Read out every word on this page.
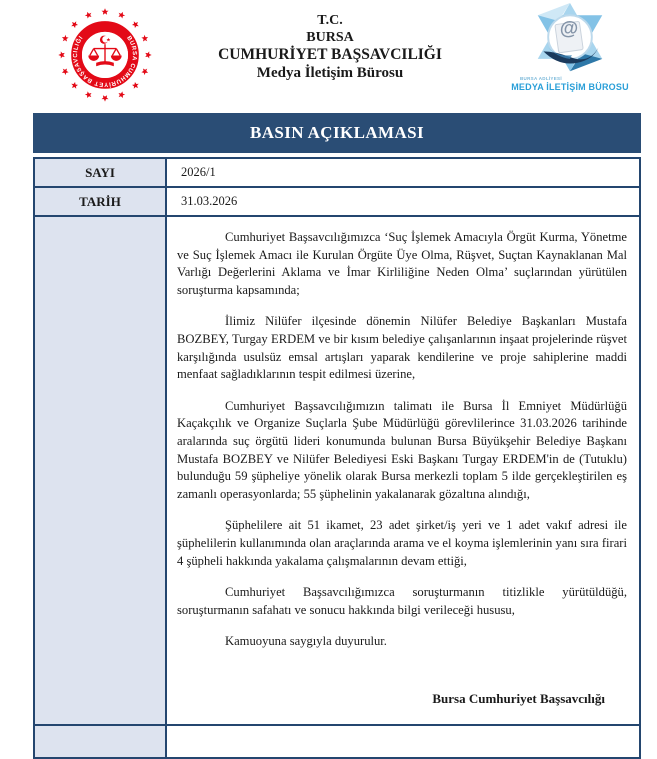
BURSA CUMHURİYET BAŞSAVCILIĞI
T.C.
BURSA
CUMHURİYET BAŞSAVCILIĞI
Medya İletişim Bürosu
@
BURSA ADLİYESİ
MEDYA İLETİŞİM BÜROSU
BASIN AÇIKLAMASI
SAYI	2026/1
TARİH	31.03.2026

Cumhuriyet Başsavcılığımızca ‘Suç İşlemek Amacıyla Örgüt Kurma, Yönetme ve Suç İşlemek Amacı ile Kurulan Örgüte Üye Olma, Rüşvet, Suçtan Kaynaklanan Mal Varlığı Değerlerini Aklama ve İmar Kirliliğine Neden Olma’ suçlarından yürütülen soruşturma kapsamında;

İlimiz Nilüfer ilçesinde dönemin Nilüfer Belediye Başkanları Mustafa BOZBEY, Turgay ERDEM ve bir kısım belediye çalışanlarının inşaat projelerinde rüşvet karşılığında usulsüz emsal artışları yaparak kendilerine ve proje sahiplerine maddi menfaat sağladıklarının tespit edilmesi üzerine,

Cumhuriyet Başsavcılığımızın talimatı ile Bursa İl Emniyet Müdürlüğü Kaçakçılık ve Organize Suçlarla Şube Müdürlüğü görevlilerince 31.03.2026 tarihinde aralarında suç örgütü lideri konumunda bulunan Bursa Büyükşehir Belediye Başkanı Mustafa BOZBEY ve Nilüfer Belediyesi Eski Başkanı Turgay ERDEM'in de (Tutuklu) bulunduğu 59 şüpheliye yönelik olarak Bursa merkezli toplam 5 ilde gerçekleştirilen eş zamanlı operasyonlarda; 55 şüphelinin yakalanarak gözaltına alındığı,

Şüphelilere ait 51 ikamet, 23 adet şirket/iş yeri ve 1 adet vakıf adresi ile şüphelilerin kullanımında olan araçlarında arama ve el koyma işlemlerinin yanı sıra firari 4 şüpheli hakkında yakalama çalışmalarının devam ettiği,

Cumhuriyet Başsavcılığımızca soruşturmanın titizlikle yürütüldüğü, soruşturmanın safahatı ve sonucu hakkında bilgi verileceği hususu,

Kamuoyuna saygıyla duyurulur.

Bursa Cumhuriyet Başsavcılığı
